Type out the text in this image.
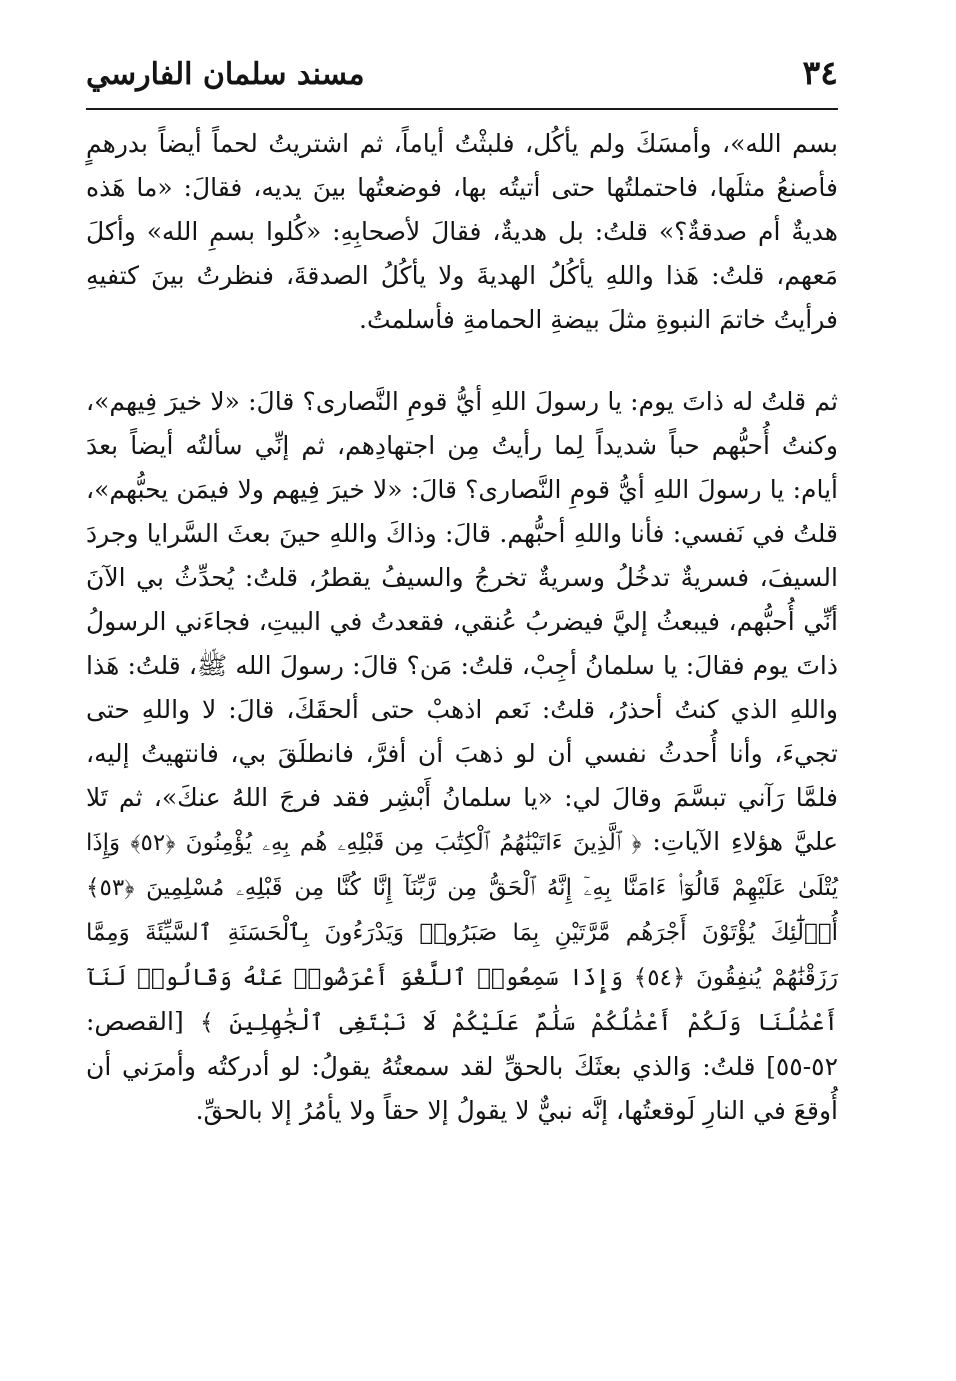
٣٤
مسند سلمان الفارسي

بسم الله»، وأمسَكَ ولم يأكُل، فلبثْتُ أياماً، ثم اشتريتُ لحماً أيضاً بدرهمٍ فأصنعُ مثلَها، فاحتملتُها حتى أتيتُه بها، فوضعتُها بينَ يديه، فقالَ: «ما هَذه هديةٌ أم صدقةٌ؟» قلتُ: بل هديةٌ، فقالَ لأصحابِهِ: «كُلوا بسمِ الله» وأكلَ مَعهم، قلتُ: هَذا واللهِ يأكُلُ الهديةَ ولا يأكُلُ الصدقةَ، فنظرتُ بينَ كتفيهِ فرأيتُ خاتمَ النبوةِ مثلَ بيضةِ الحمامةِ فأسلمتُ.

ثم قلتُ له ذاتَ يوم: يا رسولَ اللهِ أيُّ قومِ النَّصارى؟ قالَ: «لا خيرَ فِيهم»، وكنتُ أُحبُّهم حباً شديداً لِما رأيتُ مِن اجتهادِهم، ثم إنِّي سألتُه أيضاً بعدَ أيام: يا رسولَ اللهِ أيُّ قومِ النَّصارى؟ قالَ: «لا خيرَ فِيهم ولا فيمَن يحبُّهم»، قلتُ في نَفسي: فأنا واللهِ أحبُّهم. قالَ: وذاكَ واللهِ حينَ بعثَ السَّرايا وجردَ السيفَ، فسريةٌ تدخُلُ وسريةٌ تخرجُ والسيفُ يقطرُ، قلتُ: يُحدِّثُ بي الآنَ أنِّي أُحبُّهم، فيبعثُ إليَّ فيضربُ عُنقي، فقعدتُ في البيتِ، فجاءَني الرسولُ ذاتَ يوم فقالَ: يا سلمانُ أجِبْ، قلتُ: مَن؟ قالَ: رسولَ الله ﷺ، قلتُ: هَذا واللهِ الذي كنتُ أحذرُ، قلتُ: نَعم اذهبْ حتى ألحقَكَ، قالَ: لا واللهِ حتى تجيءَ، وأنا أُحدثُ نفسي أن لو ذهبَ أن أفرَّ، فانطلَقَ بي، فانتهيتُ إليه، فلمَّا رَآني تبسَّمَ وقالَ لي: «يا سلمانُ أَبْشِر فقد فرجَ اللهُ عنكَ»، ثم تَلا عليَّ هؤلاءِ الآياتِ: ﴿ ٱلَّذِينَ ءَاتَيْنَٰهُمُ ٱلْكِتَٰبَ مِن قَبْلِهِۦ هُم بِهِۦ يُؤْمِنُونَ ﴿٥٢﴾ وَإِذَا يُتْلَىٰ عَلَيْهِمْ قَالُوٓا۟ ءَامَنَّا بِهِۦٓ إِنَّهُ ٱلْحَقُّ مِن رَّبِّنَآ إِنَّا كُنَّا مِن قَبْلِهِۦ مُسْلِمِينَ ﴿٥٣﴾ أُو۟لَٰٓئِكَ يُؤْتَوْنَ أَجْرَهُم مَّرَّتَيْنِ بِمَا صَبَرُوا۟ وَيَدْرَءُونَ بِٱلْحَسَنَةِ ٱلسَّيِّئَةَ وَمِمَّا رَزَقْنَٰهُمْ يُنفِقُونَ ﴿٥٤﴾ وَإِذَا سَمِعُوا۟ ٱللَّغْوَ أَعْرَضُوا۟ عَنْهُ وَقَالُوا۟ لَنَآ أَعْمَٰلُنَا وَلَكُمْ أَعْمَٰلُكُمْ سَلَٰمٌ عَلَيْكُمْ لَا نَبْتَغِى ٱلْجَٰهِلِينَ ﴾ [القصص: ٥٢-٥٥] قلتُ: وَالذي بعثَكَ بالحقِّ لقد سمعتُهُ يقولُ: لو أدركتُه وأمرَني أن أُوقعَ في النارِ لَوقعتُها، إنَّه نبيٌّ لا يقولُ إلا حقاً ولا يأمُرُ إلا بالحقِّ.
